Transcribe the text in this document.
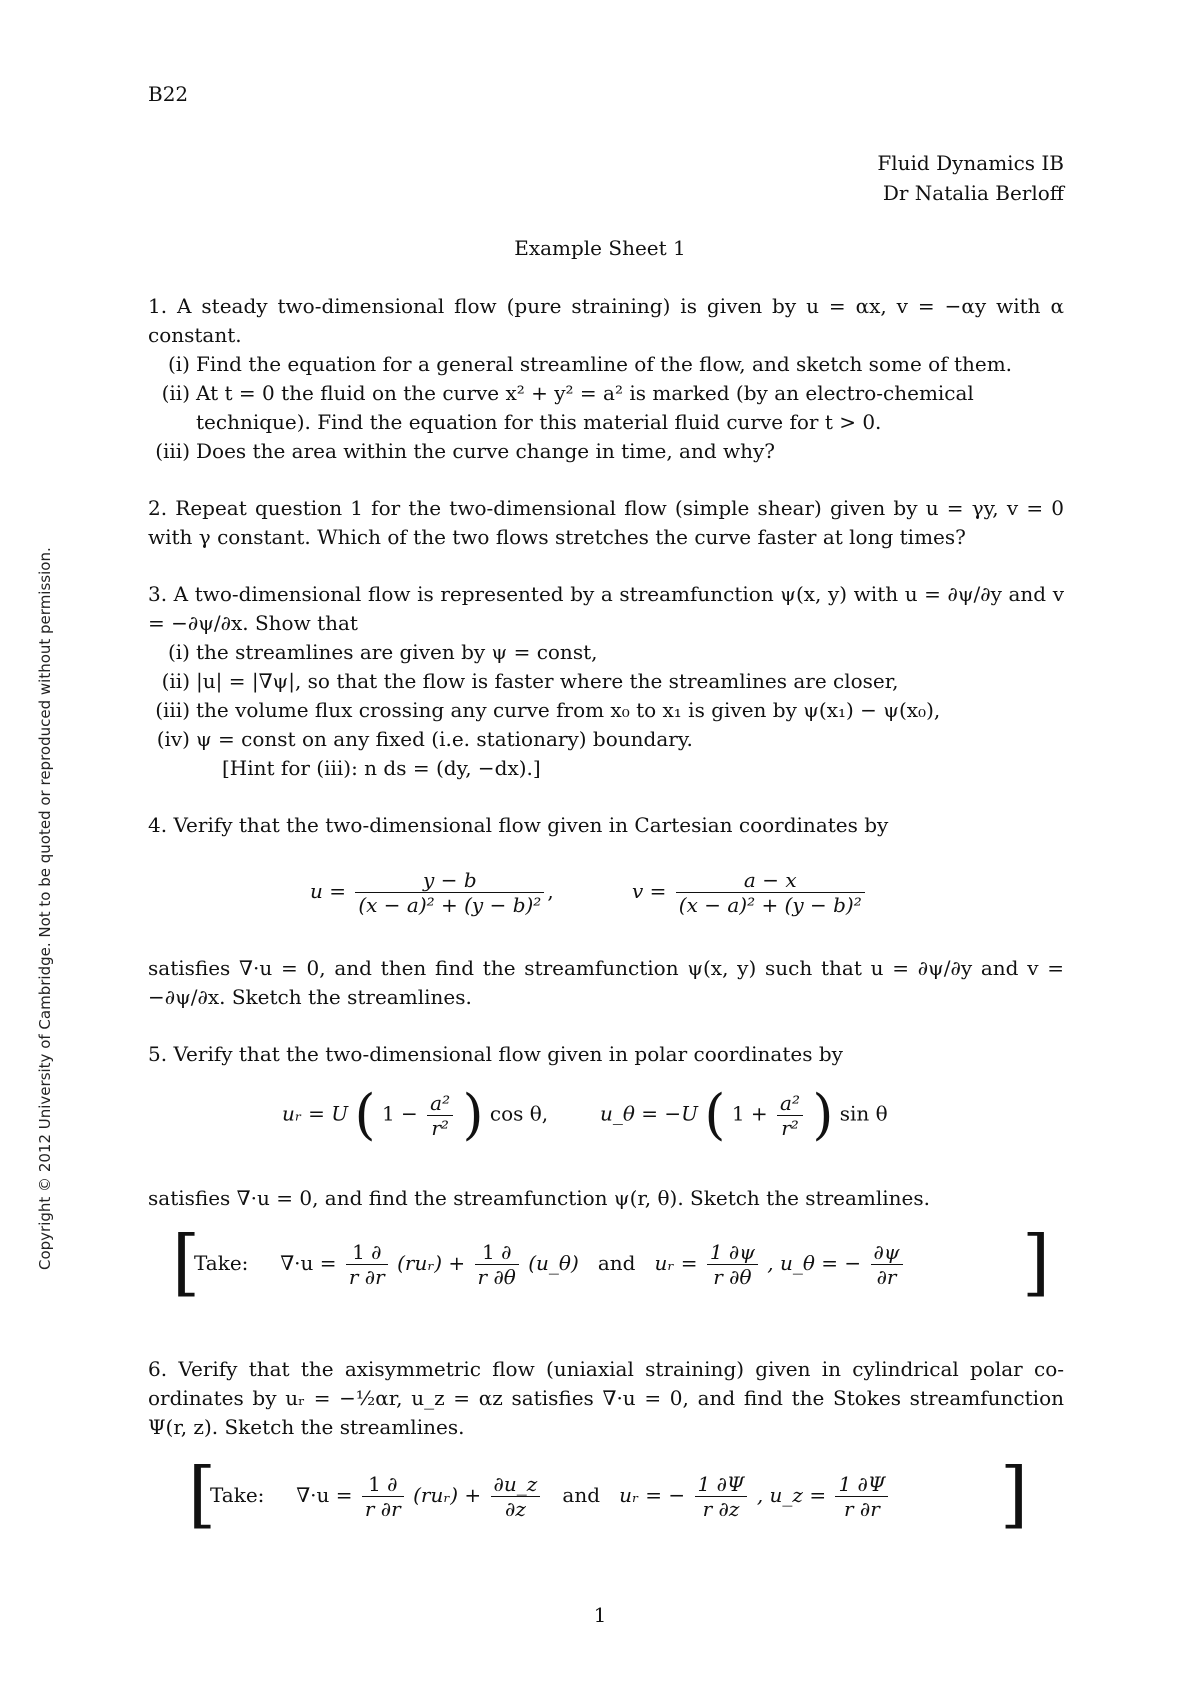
B22
Fluid Dynamics IB
Dr Natalia Berloff
Example Sheet 1
Copyright © 2012 University of Cambridge. Not to be quoted or reproduced without permission.
1. A steady two-dimensional flow (pure straining) is given by u = αx, v = −αy with α constant.
(i) Find the equation for a general streamline of the flow, and sketch some of them.
(ii) At t = 0 the fluid on the curve x² + y² = a² is marked (by an electro-chemical technique). Find the equation for this material fluid curve for t > 0.
(iii) Does the area within the curve change in time, and why?
2. Repeat question 1 for the two-dimensional flow (simple shear) given by u = γy, v = 0 with γ constant. Which of the two flows stretches the curve faster at long times?
3. A two-dimensional flow is represented by a streamfunction ψ(x, y) with u = ∂ψ/∂y and v = −∂ψ/∂x. Show that
(i) the streamlines are given by ψ = const,
(ii) |u| = |∇ψ|, so that the flow is faster where the streamlines are closer,
(iii) the volume flux crossing any curve from x₀ to x₁ is given by ψ(x₁) − ψ(x₀),
(iv) ψ = const on any fixed (i.e. stationary) boundary.
[Hint for (iii): n ds = (dy, −dx).]
4. Verify that the two-dimensional flow given in Cartesian coordinates by
$u = \frac{y - b}{\text{(x − a)² + (y − b)²}}$ ,	$v = \frac{a - x}{\text{(x − a)² + (y − b)²}}$
satisfies ∇·u = 0, and then find the streamfunction ψ(x, y) such that u = ∂ψ/∂y and v = −∂ψ/∂x. Sketch the streamlines.
5. Verify that the two-dimensional flow given in polar coordinates by
uᵣ = U ( $1 - \frac{\text{a²}}{\text{r²}}$ ) cos θ,	u_θ = −U ( $1 + \frac{\text{a²}}{\text{r²}}$ ) sin θ
satisfies ∇·u = 0, and find the streamfunction ψ(r, θ). Sketch the streamlines.
[
Take: $\nabla\cdot u = \frac{1 \partial}{r \partial r}$ (ruᵣ) + $\frac{1 \partial}{r \partial\theta}$ (u_θ) and uᵣ = $\frac{1 \partial\psi}{r \partial\theta}$ , u_θ = − $\frac{\partial\psi}{\partial r}$ ]
6. Verify that the axisymmetric flow (uniaxial straining) given in cylindrical polar co-ordinates by uᵣ = −½αr, u_z = αz satisfies ∇·u = 0, and find the Stokes streamfunction Ψ(r, z). Sketch the streamlines.
[
Take: $\nabla\cdot u = \frac{1 \partial}{r \partial r}$ (ruᵣ) + $\frac{\partial u\_z}{\partial z}$ and uᵣ = − $\frac{1 \partial\Psi}{r \partial z}$ , u_z = $\frac{1 \partial\Psi}{r \partial r}$ ]
1
